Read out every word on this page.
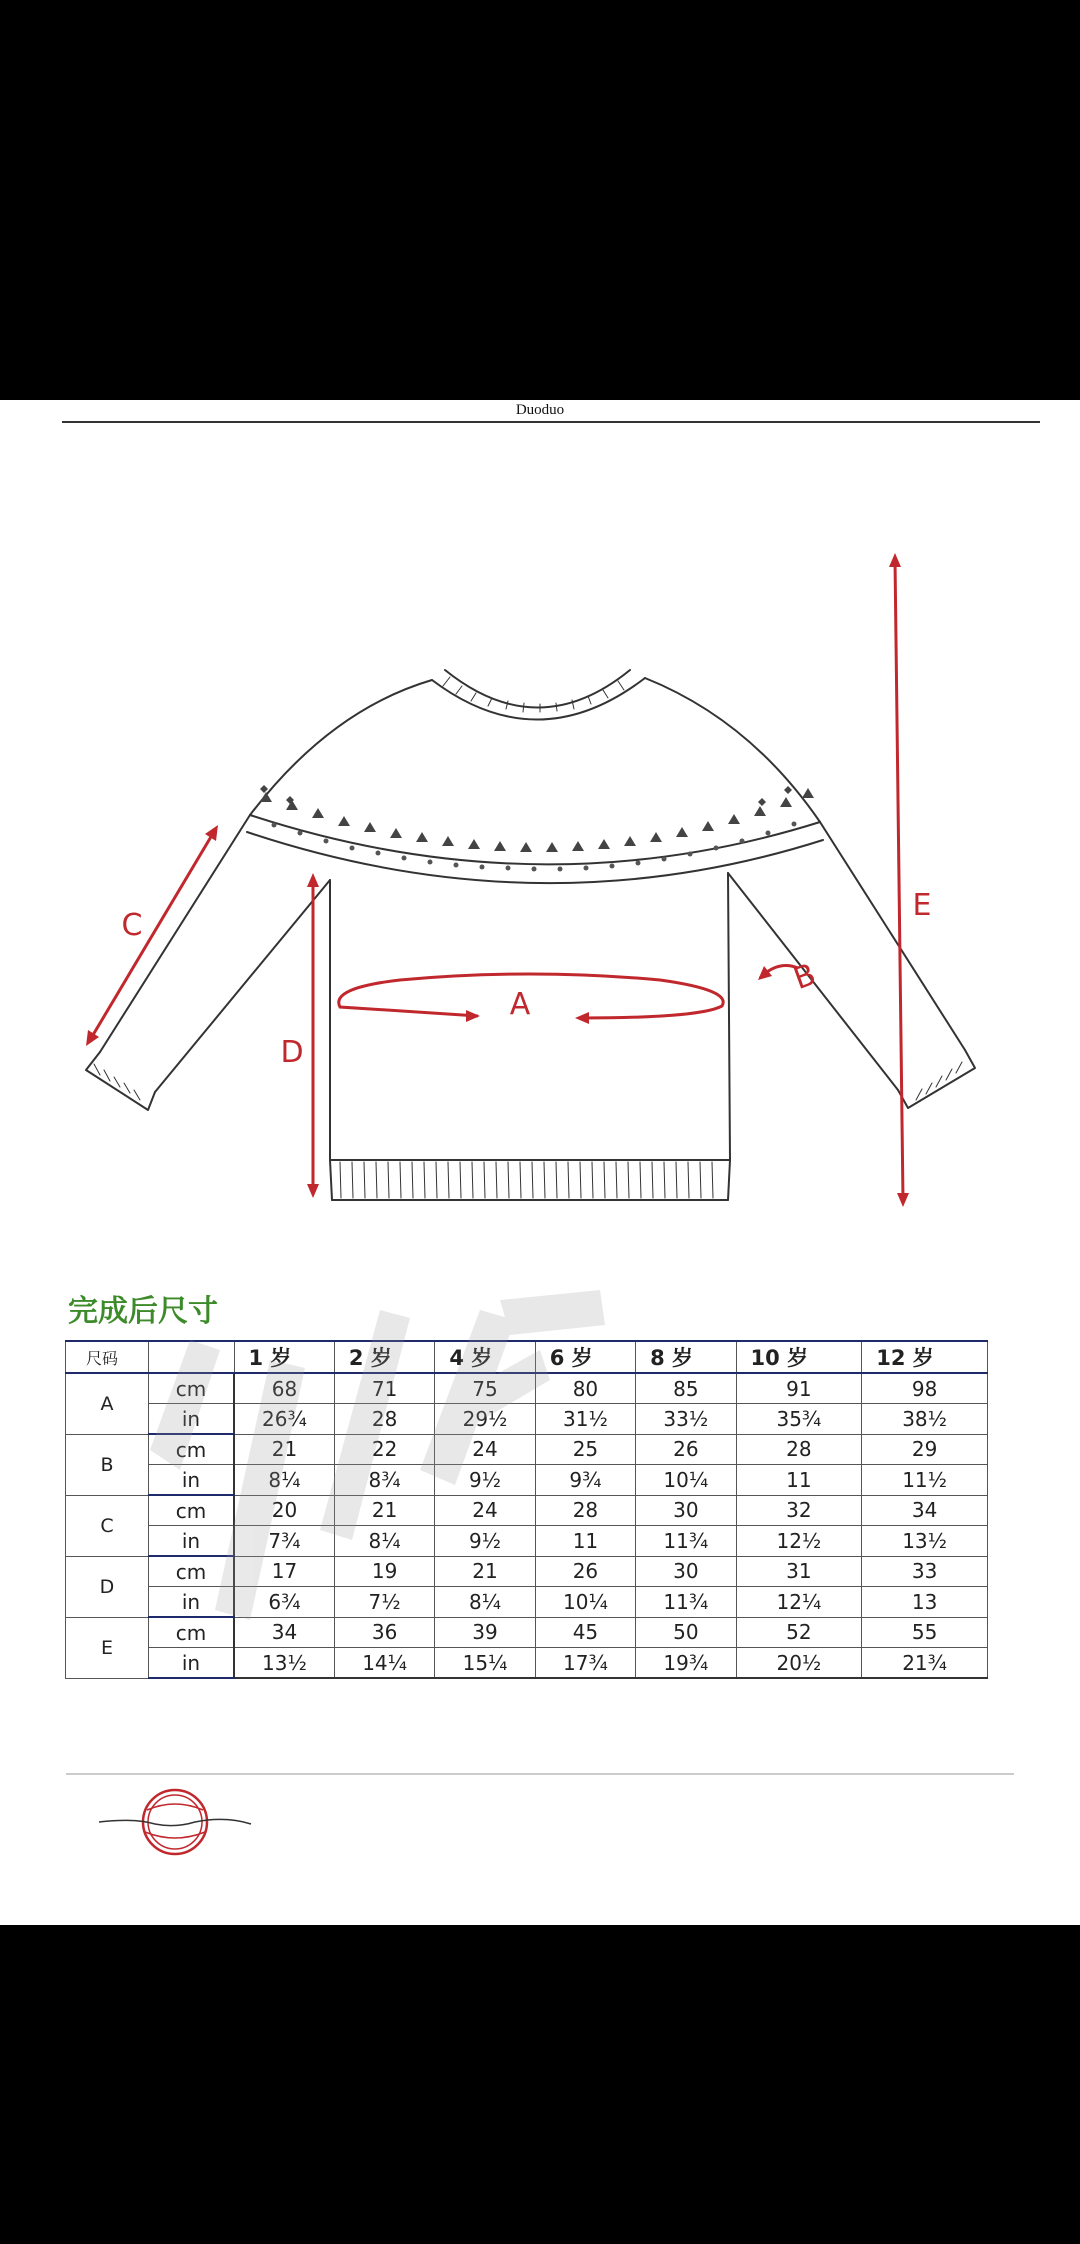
Duoduo
A
B
C
D
E
完成后尺寸
尺码		1 岁	2 岁	4 岁	6 岁	8 岁	10 岁	12 岁
A	cm	68	71	75	80	85	91	98
	in	26¾	28	29½	31½	33½	35¾	38½
B	cm	21	22	24	25	26	28	29
	in	8¼	8¾	9½	9¾	10¼	11	11½
C	cm	20	21	24	28	30	32	34
	in	7¾	8¼	9½	11	11¾	12½	13½
D	cm	17	19	21	26	30	31	33
	in	6¾	7½	8¼	10¼	11¾	12¼	13
E	cm	34	36	39	45	50	52	55
	in	13½	14¼	15¼	17¾	19¾	20½	21¾
